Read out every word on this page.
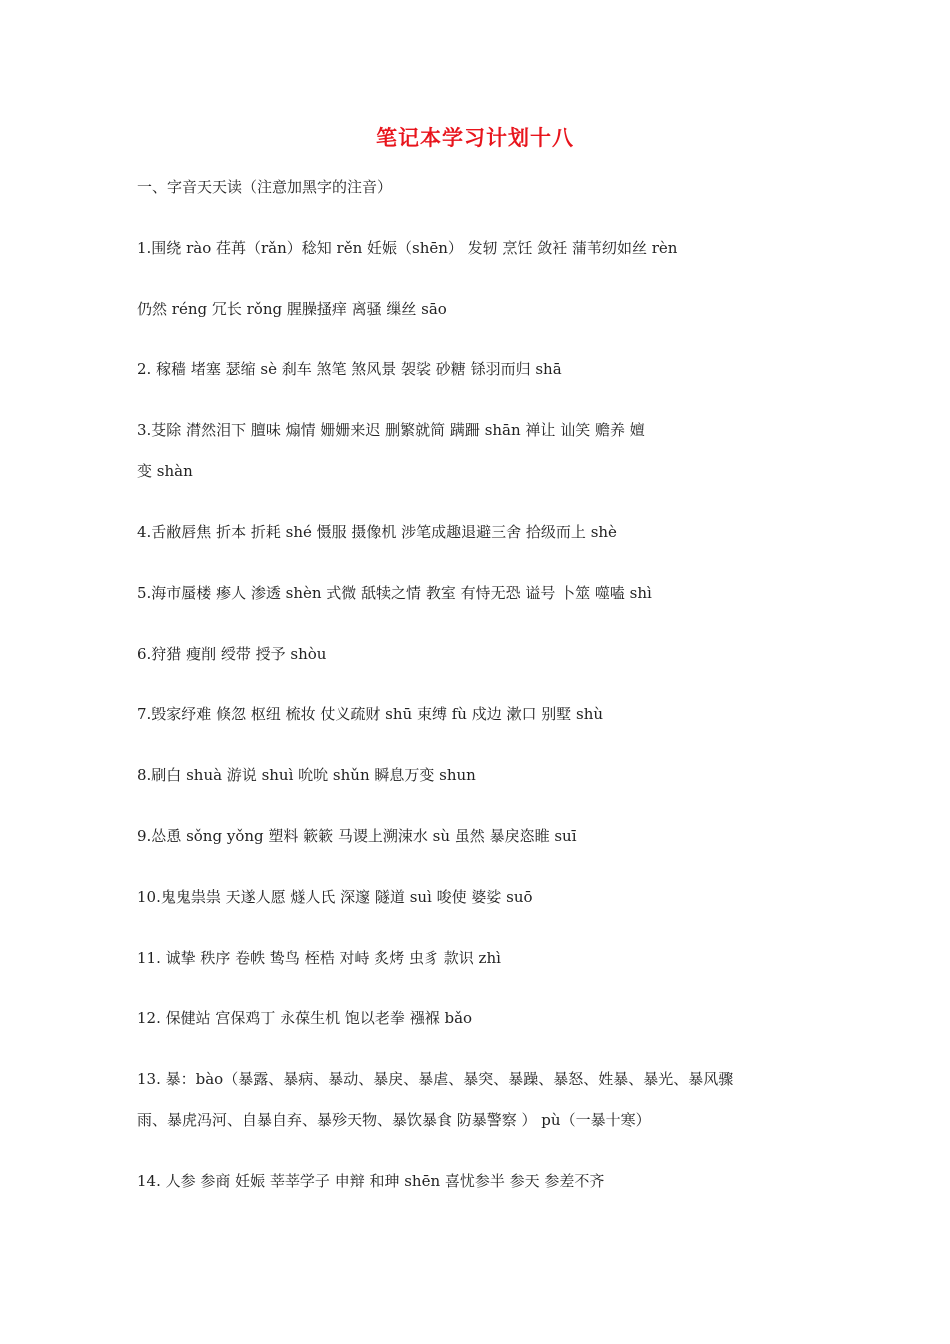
笔记本学习计划十八
一、字音天天读（注意加黑字的注音）
1.围绕 rào 荏苒（rǎn）稔知 rěn 妊娠（shēn） 发轫 烹饪 敛衽 蒲苇纫如丝 rèn
仍然 réng 冗长 rǒng 腥臊搔痒 离骚 缫丝 sāo
2. 稼穑 堵塞 瑟缩 sè 刹车 煞笔 煞风景 袈裟 砂糖 铩羽而归 shā
3.芟除 潸然泪下 膻味 煽情 姗姗来迟 删繁就简 蹒跚 shān 禅让 讪笑 赡养 嬗
变 shàn
4.舌敝唇焦 折本 折耗 shé 慑服 摄像机 涉笔成趣退避三舍 拾级而上 shè
5.海市蜃楼 瘆人 渗透 shèn 式微 舐犊之情 教室 有恃无恐 谥号 卜筮 噬嗑 shì
6.狩猎 瘦削 绶带 授予 shòu
7.毁家纾难 倏忽 枢纽 梳妆 仗义疏财 shū 束缚 fù 戍边 漱口 别墅 shù
8.刷白 shuà 游说 shuì 吮吮 shǔn 瞬息万变 shun
9.怂恿 sǒng yǒng 塑料 簌簌 马谡上溯涑水 sù 虽然 暴戾恣睢 suī
10.鬼鬼祟祟 天遂人愿 燧人氏 深邃 隧道 suì 唆使 婆娑 suō
11. 诚挚 秩序 卷帙 鸷鸟 桎梏 对峙 炙烤 虫豸 款识 zhì
12. 保健站 宫保鸡丁 永葆生机 饱以老拳 襁褓 bǎo
13. 暴：bào（暴露、暴病、暴动、暴戾、暴虐、暴突、暴躁、暴怒、姓暴、暴光、暴风骤
雨、暴虎冯河、自暴自弃、暴殄天物、暴饮暴食 防暴警察 ） pù（一暴十寒）
14. 人参 参商 妊娠 莘莘学子 申辩 和珅 shēn 喜忧参半 参天 参差不齐
